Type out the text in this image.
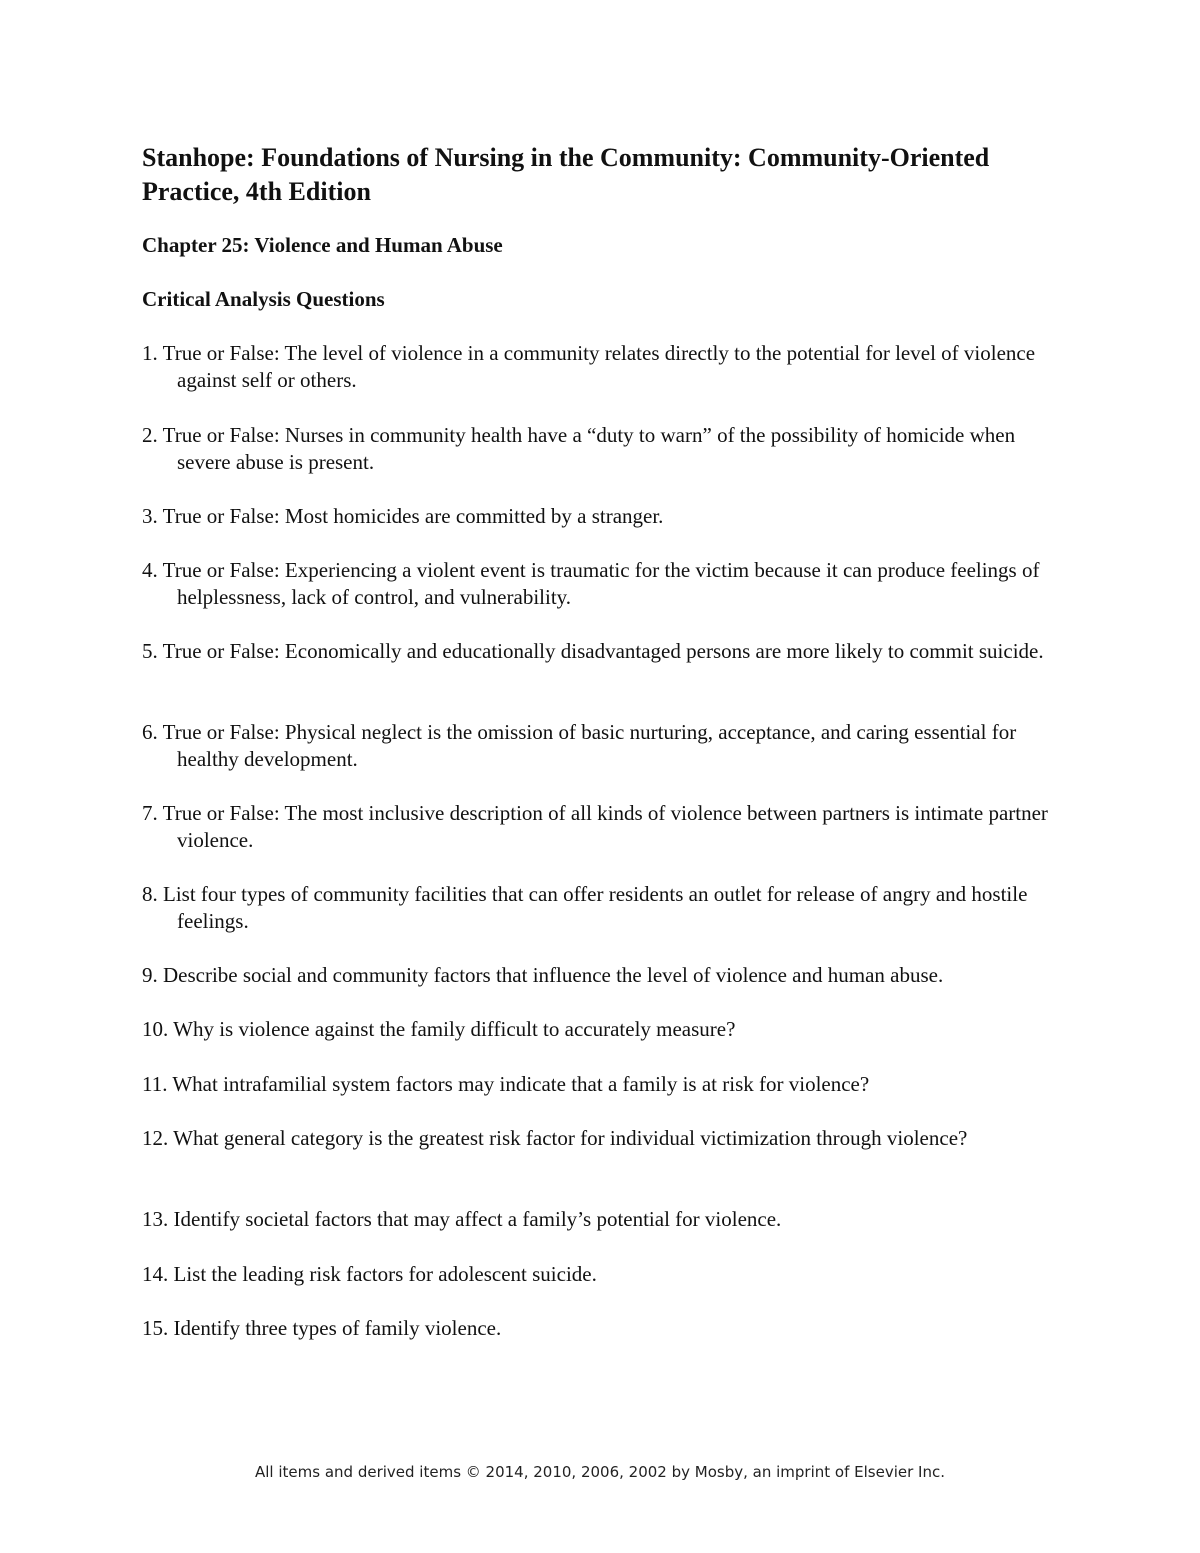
Stanhope: Foundations of Nursing in the Community: Community-Oriented Practice, 4th Edition
Chapter 25: Violence and Human Abuse
Critical Analysis Questions
1. True or False: The level of violence in a community relates directly to the potential for level of violence against self or others.
2. True or False: Nurses in community health have a “duty to warn” of the possibility of homicide when severe abuse is present.
3. True or False: Most homicides are committed by a stranger.
4. True or False: Experiencing a violent event is traumatic for the victim because it can produce feelings of helplessness, lack of control, and vulnerability.
5. True or False: Economically and educationally disadvantaged persons are more likely to commit suicide.
6. True or False: Physical neglect is the omission of basic nurturing, acceptance, and caring essential for healthy development.
7. True or False: The most inclusive description of all kinds of violence between partners is intimate partner violence.
8. List four types of community facilities that can offer residents an outlet for release of angry and hostile feelings.
9. Describe social and community factors that influence the level of violence and human abuse.
10. Why is violence against the family difficult to accurately measure?
11. What intrafamilial system factors may indicate that a family is at risk for violence?
12. What general category is the greatest risk factor for individual victimization through violence?
13. Identify societal factors that may affect a family’s potential for violence.
14. List the leading risk factors for adolescent suicide.
15. Identify three types of family violence.
All items and derived items © 2014, 2010, 2006, 2002 by Mosby, an imprint of Elsevier Inc.
